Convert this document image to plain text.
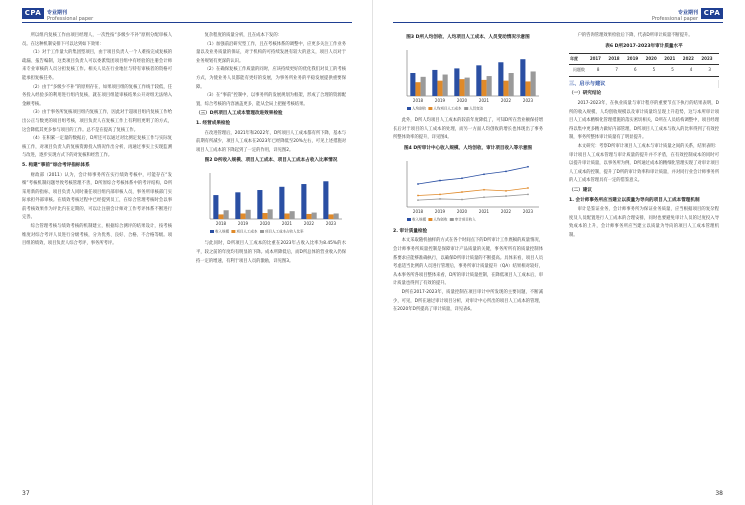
CPA	专业期刊
Professional paper

所以组内复核工作由项目经理人，一次性按“多级少不补”原则分配审核人员。在这种机制安排下可以达到如下效果：

（1）对于工作量大的集团型项目，由于项目负责人一个人难按完成复核的疏漏、报告编制，这类项目负责人可以委派集团项目组中有经验的注册会计师来专业审核的人员分担复核工作。相关人员在行业地位与特有审核者的资格可能承担复核任务。

（2）由于“多级少不补”的原则存在，如果项目组的复核工作线于较低，任务投入经验多的利用进行组内复核，就在项目组能审核结果公开对组无法纳入金额考核。

（3）由于事务所复核项目组内复核工作，因此对于超项目组内复核工作给出公正与数更的项目组考核，项目负责人在复核工作上有利用更明了的方式，这会降低其更多参与项目的工作。总不是在提高了复核工作。

（4）在积累一定量的数据后，D所还可以通过对比测定复核工作与实际复核工作，对项目负责人的复核资源投入情况作出分析，再通过事实上实现监测与改进，逐步实现方式下的对复核和经营工作。

5. 构建“事前”综合考评指标体系

财政部（2011）认为，会计师事务所在实行绩效考核中，可能存在“发细”考核机制问题导致考核管理不善，D所原综合考核体系中的考评结构，D所采用新的指标，项目负责人同时兼任项目组内部审核人员，事务所审核部门实际承担外部审核。在绩效考核过程中已经提到员工，在综合管理考核时会以事前考核效果作为评比内在定期的，可以让注册会计师对工作考评体系不断进行完善。

综合管理考核与绩效考核的机制建立，根据综合测评的结果设计，按考核维度对综合考评人员进行分级考核，分为优秀、良好、合格、不合格等级。项目组的绩效，项目负责人综合考评，事务所考评。

复杂程度的质量分析，且在成本下发的：

（1）加强前沿研究型工作，且在考核体系的调整中，应更多关注工作业务量以及业务质量的保证，对于机构的可持续发展有较大的意义，项目人员对于业务规划有更深的认识。

（2）在确保复核工作质量的同时，应该持续更好的优化我们对员工的考核方式，为使业务人员都能有更好的发展，为事务所业务的平稳发展提供重要保障。

（3）在“事前”控制中，以事务所的发展规划为框架，形成了合理的资源配置，综合考核的内容涵盖更多，能从全局上把握考核结果。

（三）D所项目人工成本管理改进效果检验
1. 经营成果检验

在改进管理后，2021年和2022年，D所项目人工成本都有所下降，基本与前期有所减少，项目人工成本在2023年已经降低至20%左右，可见上述措施对项目人工成本的下降起到了一定的作用，详见图2。

图2 D所收入规模、项目人工成本、项目人工成本占收入比率情况
2018	2019	2020	2021	2022	2023
收入规模 项目人工成本 项目人工成本占收入比率

与此同时，D所项目人工成本的比重在2023年占收入比率为8.45%的水平，较之前的年度均有明显的下降。成本所降低后，而D所总体的营业收入仍保持一定的增速，有利于项目人员的激励，详见图3。

37
CPA
专业期刊
Professional paper
图3 D所人均创收、人均项目人工成本、人员变动情况示意图
2018	2019	2020	2021	2022	2023
人均创收 人均项目人工成本 人员变动

此外，D所人均项目人工成本的较前年度降低了，可知D所在营业额保持增长后对于项目的人工成本的处理，而另一方面人均创收的增长也体现出了事务所整体效率的提升，详见图4。

图4 D所审计中心收入规模、人均创收、审计项目收入等示意图
2018	2019	2020	2021	2022	2023
收入规模 人均创收 审计项目收入
2. 审计质量检验

本文采取随机抽样的方式在各个时间点下的D所审计工作底稿的质量情况，会计师事务所质量控制是保障审计产品质量的关键，事务所所有的质量控制体系要求应能够准确执行，以确保D所审计质量的不断提高。具体来看，项目人员考虑适当比例的人员进行管理后，事务所审计质量提升（QA）结果相对较好，从本事务所各项目整体来看，D所的审计质量控制，在降低项目人工成本后，审计质量也得到了有效的提升。

D所在2017-2023年，质量控制在项目审计中所发现的主要问题，不断减少，可见，D所在通过审计项目分析，对审计中心所出的项目人工成本的管理，在2020年D所提高了审计质量，详见表6。

户的咨询管理效果检验后下降，代表D所审计质量不断提升。

表6 D所2017-2023年审计质量水平
年度	2017	2018	2019	2020	2021	2022	2023
问题数	8	7	6	5	5	4	3
三、启示与建议
（一）研究结论

2017-2023年，在执业质量与审计程序的重要节点下执行的结果表明，D所的收入规模、人均创收规模以及审计质量均呈现上升趋势，这与本所审计项目人工成本精细化管理措施的落实密切相关，D所在人员结构调整中，项目经理得以集中更多精力做好内部管理，D所项目人工成本与收入的比率得到了有效控制，事务所整体审计质量有了明显提升。

本文研究：考察D所审计项目人工成本与审计质量之间的关系，结果表明：审计项目人工成本管理与审计质量的提升并不矛盾，在有效控制成本的同时可以提升审计质量，以事务所为例，D所通过成本的精细化管理实现了对审计项目人工成本的控制，提升了D所的审计效率和审计质量，并对同行业会计师事务所的人工成本管理具有一定的借鉴意义。

（二）建议
1. 会计师事务所应当建立以质量为导向的项目人工成本管理机制

审计是鉴证业务，会计师事务所为保证业务质量，应当根据项目的复杂程度及人员配置进行人工成本的合理安排，同时也要避免审计人员的过度投入导致成本的上升，会计师事务所应当建立以质量为导向的项目人工成本管理机制。

38
